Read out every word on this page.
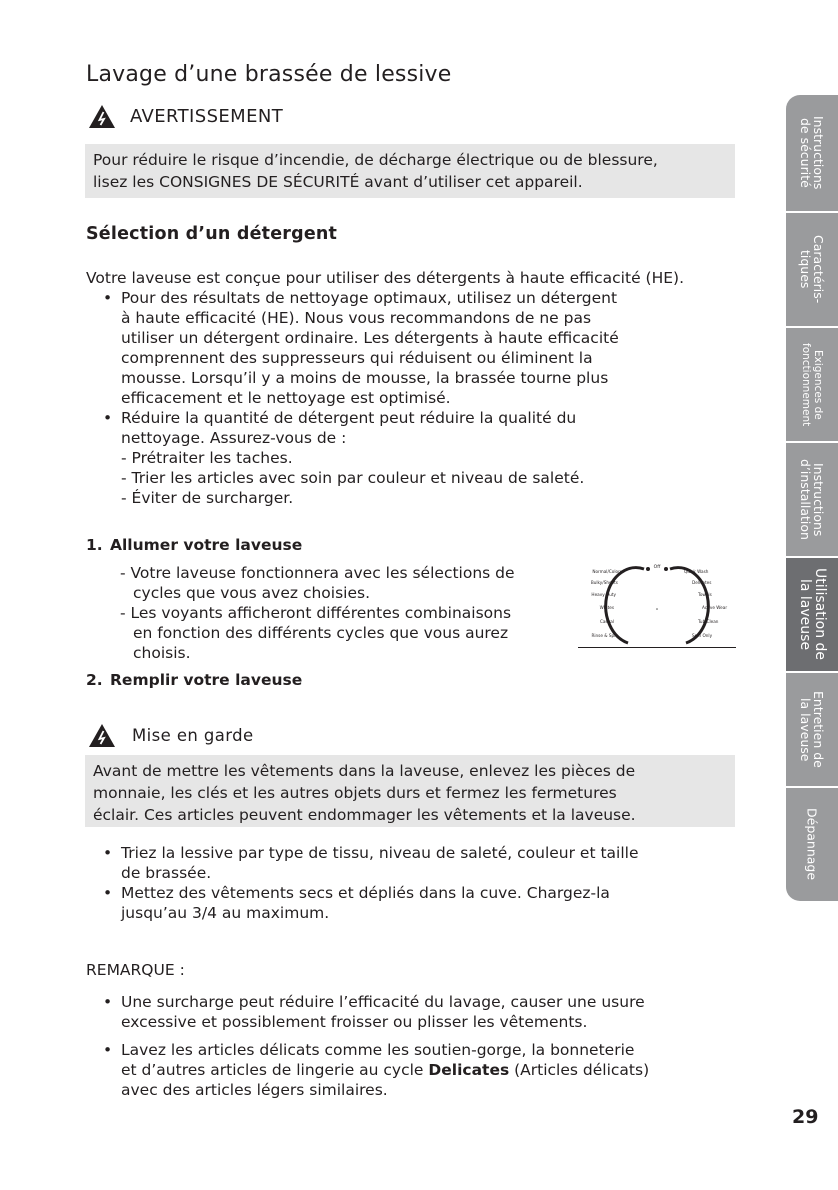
Lavage d’une brassée de lessive
AVERTISSEMENT
Pour réduire le risque d’incendie, de décharge électrique ou de blessure,
lisez les CONSIGNES DE SÉCURITÉ avant d’utiliser cet appareil.
Sélection d’un détergent
Votre laveuse est conçue pour utiliser des détergents à haute efficacité (HE).
• Pour des résultats de nettoyage optimaux, utilisez un détergent
à haute efficacité (HE). Nous vous recommandons de ne pas
utiliser un détergent ordinaire. Les détergents à haute efficacité
comprennent des suppresseurs qui réduisent ou éliminent la
mousse. Lorsqu’il y a moins de mousse, la brassée tourne plus
efficacement et le nettoyage est optimisé.
• Réduire la quantité de détergent peut réduire la qualité du
nettoyage. Assurez-vous de :
- Prétraiter les taches.
- Trier les articles avec soin par couleur et niveau de saleté.
- Éviter de surcharger.
1. Allumer votre laveuse
- Votre laveuse fonctionnera avec les sélections de
cycles que vous avez choisies.
- Les voyants afficheront différentes combinaisons
en fonction des différents cycles que vous aurez
choisis.
Off
Normal/Colors
Bulky/Sheets
Heavy Duty
Whites
Casual
Rinse & Spin
Quick Wash
Delicates
Towels
Active Wear
Tub Clean
Spin Only
2. Remplir votre laveuse
Mise en garde
Avant de mettre les vêtements dans la laveuse, enlevez les pièces de
monnaie, les clés et les autres objets durs et fermez les fermetures
éclair. Ces articles peuvent endommager les vêtements et la laveuse.
• Triez la lessive par type de tissu, niveau de saleté, couleur et taille
de brassée.
• Mettez des vêtements secs et dépliés dans la cuve. Chargez-la
jusqu’au 3/4 au maximum.
REMARQUE :
• Une surcharge peut réduire l’efficacité du lavage, causer une usure
excessive et possiblement froisser ou plisser les vêtements.
• Lavez les articles délicats comme les soutien-gorge, la bonneterie
et d’autres articles de lingerie au cycle Delicates (Articles délicats)
avec des articles légers similaires.
Instructions
de sécurité
Caractéris-
tiques
Exigences de
fonctionnement
Instructions
d’installation
Utilisation de
la laveuse
Entretien de
la laveuse
Dépannage
29
